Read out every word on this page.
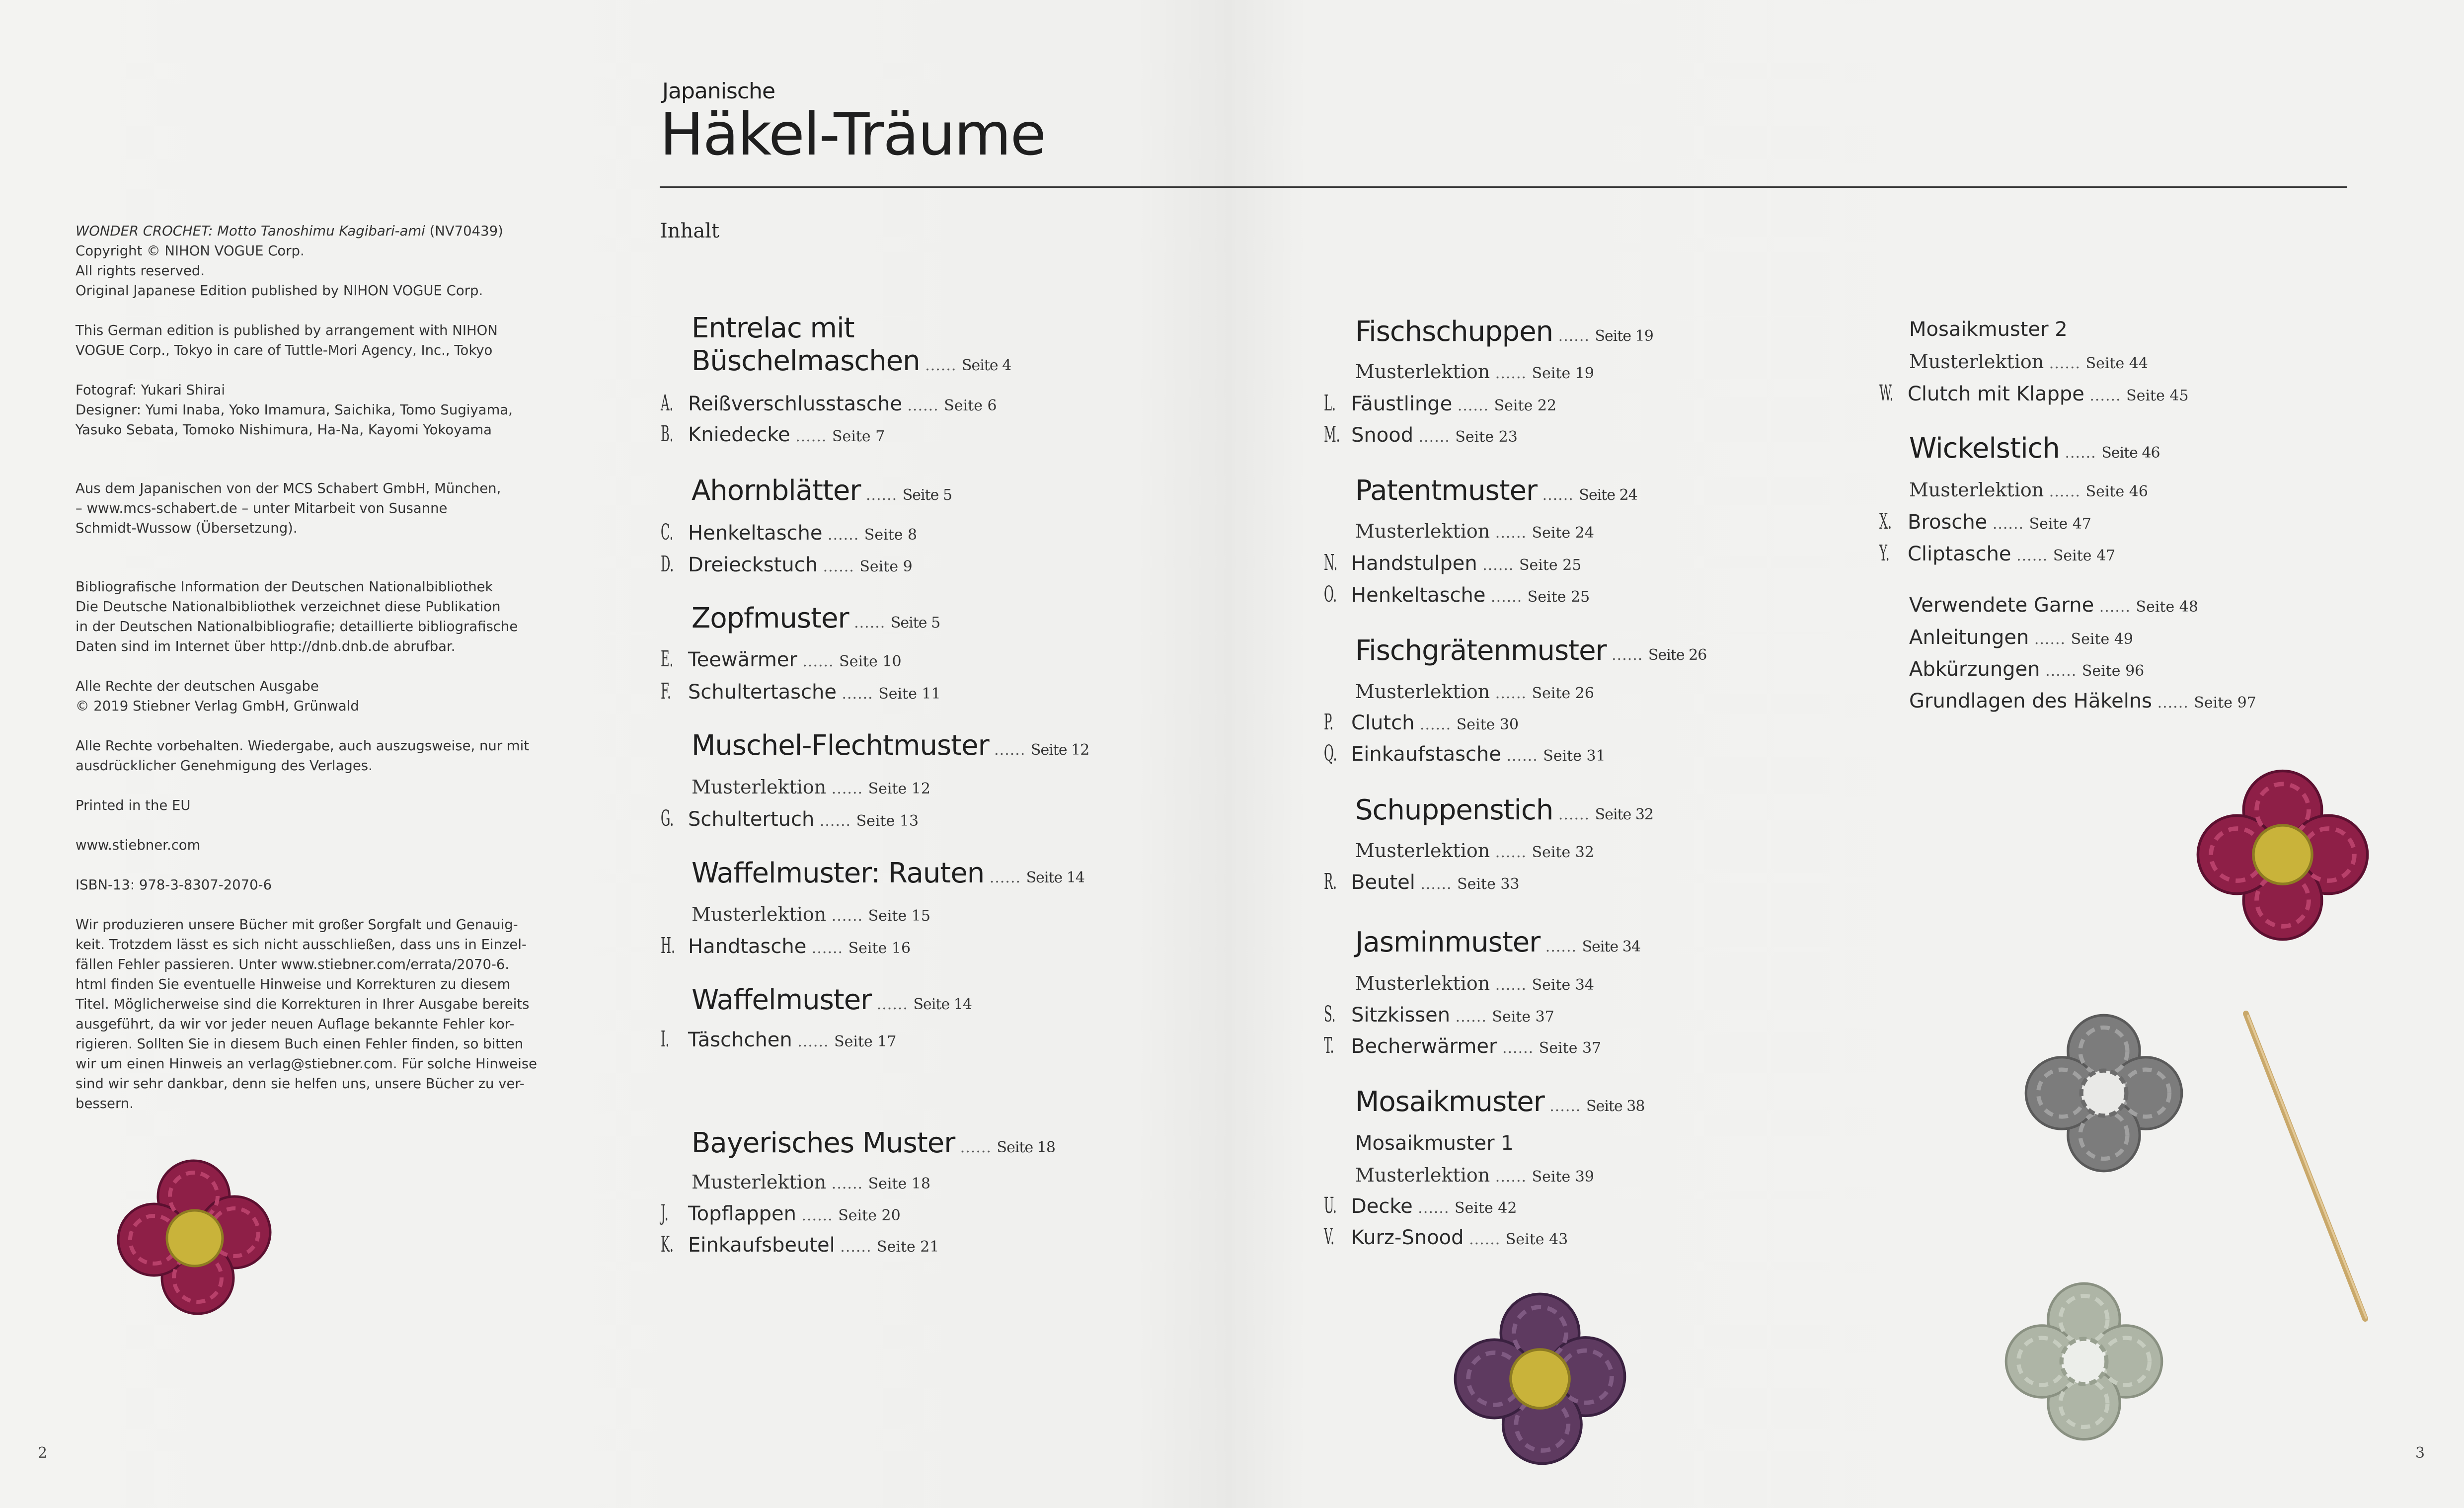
WONDER CROCHET: Motto Tanoshimu Kagibari-ami (NV70439)
Copyright © NIHON VOGUE Corp.
All rights reserved.
Original Japanese Edition published by NIHON VOGUE Corp.

This German edition is published by arrangement with NIHON
VOGUE Corp., Tokyo in care of Tuttle-Mori Agency, Inc., Tokyo

Fotograf: Yukari Shirai
Designer: Yumi Inaba, Yoko Imamura, Saichika, Tomo Sugiyama,
Yasuko Sebata, Tomoko Nishimura, Ha-Na, Kayomi Yokoyama

Aus dem Japanischen von der MCS Schabert GmbH, München,
– www.mcs-schabert.de – unter Mitarbeit von Susanne
Schmidt-Wussow (Übersetzung).

Bibliografische Information der Deutschen Nationalbibliothek
Die Deutsche Nationalbibliothek verzeichnet diese Publikation
in der Deutschen Nationalbibliografie; detaillierte bibliografische
Daten sind im Internet über http://dnb.dnb.de abrufbar.

Alle Rechte der deutschen Ausgabe
© 2019 Stiebner Verlag GmbH, Grünwald

Alle Rechte vorbehalten. Wiedergabe, auch auszugsweise, nur mit
ausdrücklicher Genehmigung des Verlages.

Printed in the EU

www.stiebner.com

ISBN-13: 978-3-8307-2070-6

Wir produzieren unsere Bücher mit großer Sorgfalt und Genauig-
keit. Trotzdem lässt es sich nicht ausschließen, dass uns in Einzel-
fällen Fehler passieren. Unter www.stiebner.com/errata/2070-6.
html finden Sie eventuelle Hinweise und Korrekturen zu diesem
Titel. Möglicherweise sind die Korrekturen in Ihrer Ausgabe bereits
ausgeführt, da wir vor jeder neuen Auflage bekannte Fehler kor-
rigieren. Sollten Sie in diesem Buch einen Fehler finden, so bitten
wir um einen Hinweis an verlag@stiebner.com. Für solche Hinweise
sind wir sehr dankbar, denn sie helfen uns, unsere Bücher zu ver-
bessern.

2	3
Japanische
Häkel-Träume
Inhalt
Entrelac mit
Büschelmaschen ...... Seite 4
A. Reißverschlusstasche ...... Seite 6
B. Kniedecke ...... Seite 7
Ahornblätter ...... Seite 5
C. Henkeltasche ...... Seite 8
D. Dreieckstuch ...... Seite 9
Zopfmuster ...... Seite 5
E. Teewärmer ...... Seite 10
F. Schultertasche ...... Seite 11
Muschel-Flechtmuster ...... Seite 12
Musterlektion ...... Seite 12
G. Schultertuch ...... Seite 13
Waffelmuster: Rauten ...... Seite 14
Musterlektion ...... Seite 15
H. Handtasche ...... Seite 16
Waffelmuster ...... Seite 14
I. Täschchen ...... Seite 17
Bayerisches Muster ...... Seite 18
Musterlektion ...... Seite 18
J. Topflappen ...... Seite 20
K. Einkaufsbeutel ...... Seite 21
Fischschuppen ...... Seite 19
Musterlektion ...... Seite 19
L. Fäustlinge ...... Seite 22
M. Snood ...... Seite 23
Patentmuster ...... Seite 24
Musterlektion ...... Seite 24
N. Handstulpen ...... Seite 25
O. Henkeltasche ...... Seite 25
Fischgrätenmuster ...... Seite 26
Musterlektion ...... Seite 26
P. Clutch ...... Seite 30
Q. Einkaufstasche ...... Seite 31
Schuppenstich ...... Seite 32
Musterlektion ...... Seite 32
R. Beutel ...... Seite 33
Jasminmuster ...... Seite 34
Musterlektion ...... Seite 34
S. Sitzkissen ...... Seite 37
T. Becherwärmer ...... Seite 37
Mosaikmuster ...... Seite 38
Mosaikmuster 1
Musterlektion ...... Seite 39
U. Decke ...... Seite 42
V. Kurz-Snood ...... Seite 43
Mosaikmuster 2
Musterlektion ...... Seite 44
W. Clutch mit Klappe ...... Seite 45
Wickelstich ...... Seite 46
Musterlektion ...... Seite 46
X. Brosche ...... Seite 47
Y. Cliptasche ...... Seite 47
Verwendete Garne ...... Seite 48
Anleitungen ...... Seite 49
Abkürzungen ...... Seite 96
Grundlagen des Häkelns ...... Seite 97
